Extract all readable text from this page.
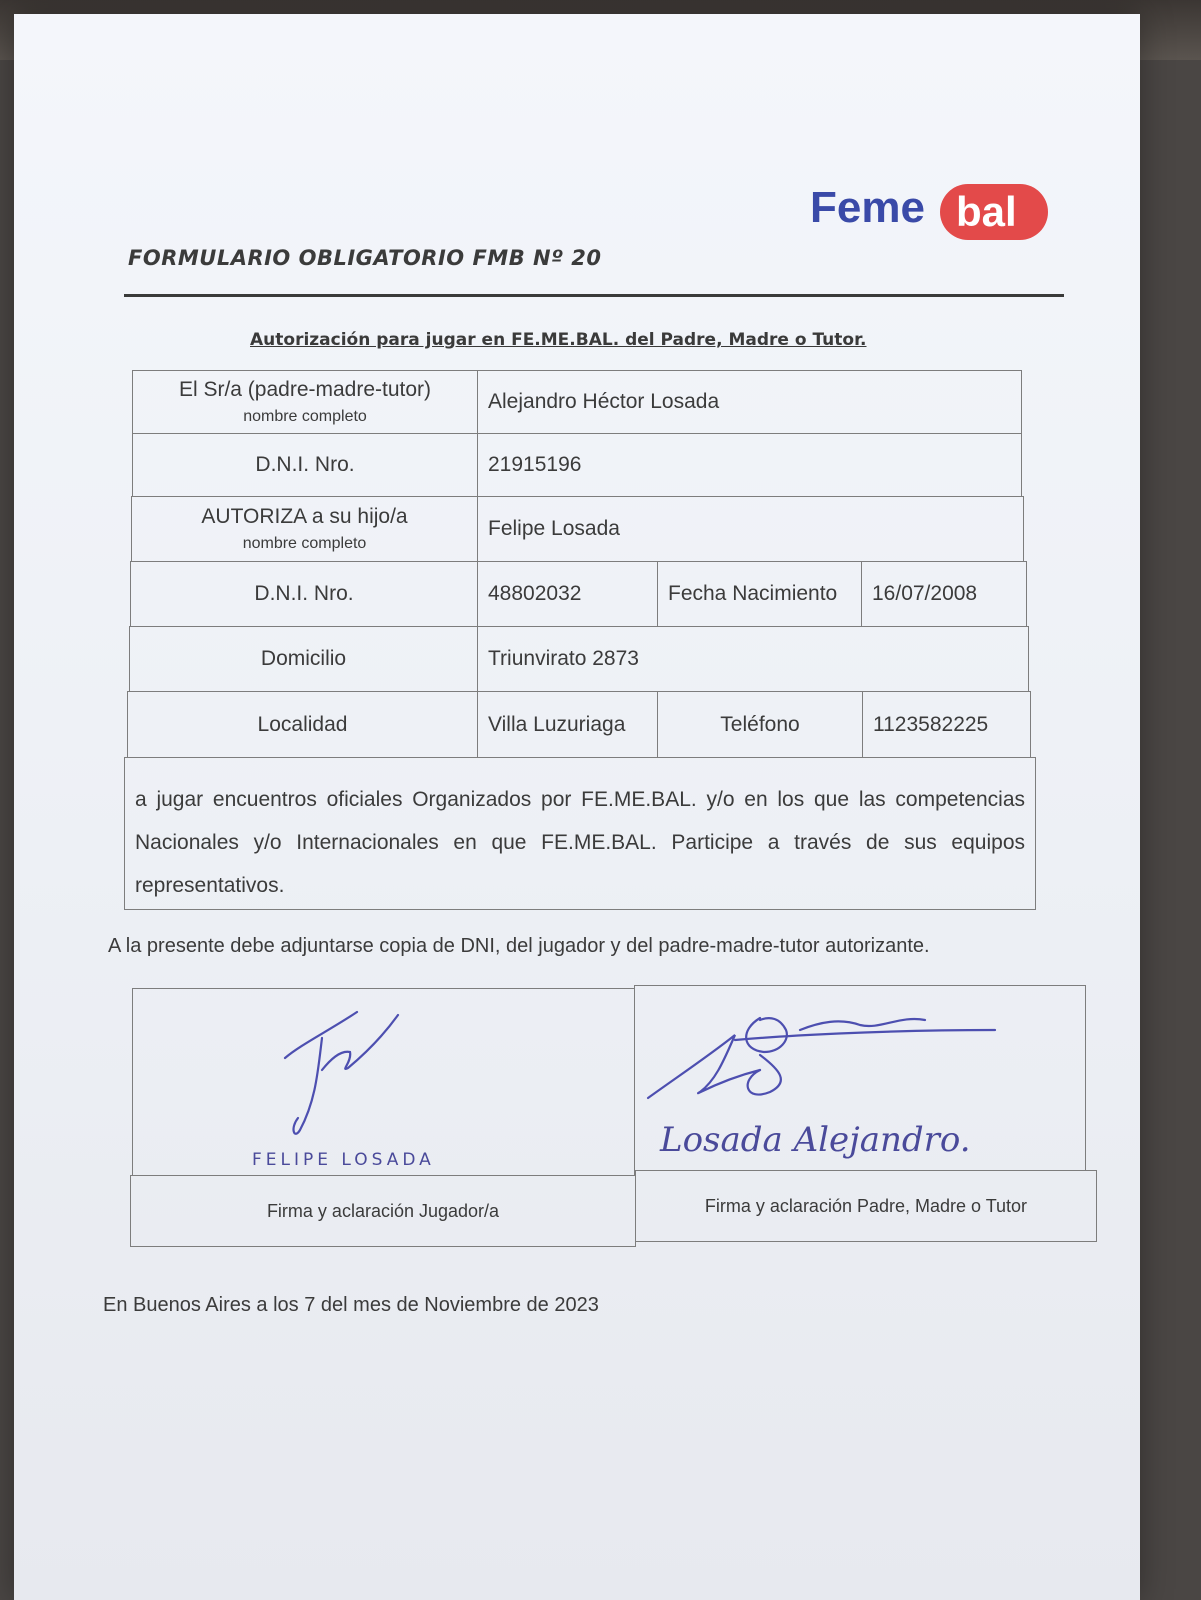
Feme bal
FORMULARIO OBLIGATORIO FMB Nº 20
Autorización para jugar en FE.ME.BAL. del Padre, Madre o Tutor.
El Sr/a (padre-madre-tutor)
nombre completo
Alejandro Héctor Losada
D.N.I. Nro.	21915196
AUTORIZA a su hijo/a
nombre completo
Felipe Losada
D.N.I. Nro.	48802032	Fecha Nacimiento 16/07/2008
Domicilio	Triunvirato 2873
Localidad	Villa Luzuriaga	Teléfono	1123582225
a jugar encuentros oficiales Organizados por FE.ME.BAL. y/o en los que las competencias Nacionales y/o Internacionales en que FE.ME.BAL. Participe a través de sus equipos representativos.
A la presente debe adjuntarse copia de DNI, del jugador y del padre-madre-tutor autorizante.
Firma y aclaración Jugador/a	Firma y aclaración Padre, Madre o Tutor
FELIPE LOSADA	Losada Alejandro.
En Buenos Aires a los 7 del mes de Noviembre de 2023
